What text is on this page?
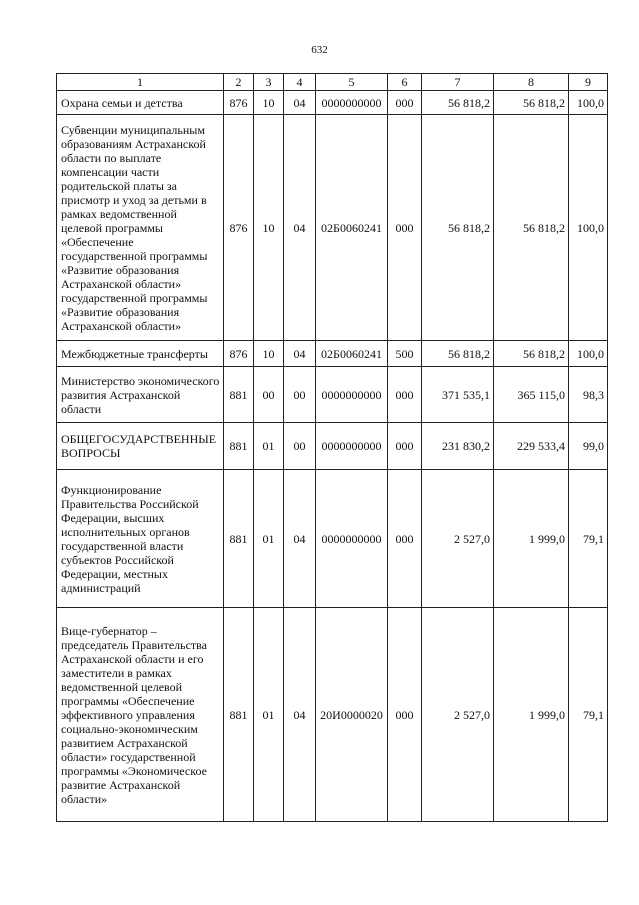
632
1	2	3	4	5	6	7	8	9
Охрана семьи и детства	876	10	04	0000000000	000	56 818,2	56 818,2	100,0
Субвенции муниципальным образованиям Астраханской области по выплате компенсации части родительской платы за присмотр и уход за детьми в рамках ведомственной целевой программы «Обеспечение государственной программы «Развитие образования Астраханской области» государственной программы «Развитие образования Астраханской области»	876	10	04	02Б0060241	000	56 818,2	56 818,2	100,0
Межбюджетные трансферты	876	10	04	02Б0060241	500	56 818,2	56 818,2	100,0
Министерство экономического развития Астраханской области	881	00	00	0000000000	000	371 535,1	365 115,0	98,3
ОБЩЕГОСУДАРСТВЕННЫЕ ВОПРОСЫ	881	01	00	0000000000	000	231 830,2	229 533,4	99,0
Функционирование Правительства Российской Федерации, высших исполнительных органов государственной власти субъектов Российской Федерации, местных администраций	881	01	04	0000000000	000	2 527,0	1 999,0	79,1
Вице-губернатор – председатель Правительства Астраханской области и его заместители в рамках ведомственной целевой программы «Обеспечение эффективного управления социально-экономическим развитием Астраханской области» государственной программы «Экономическое развитие Астраханской области»	881	01	04	20И0000020	000	2 527,0	1 999,0	79,1
